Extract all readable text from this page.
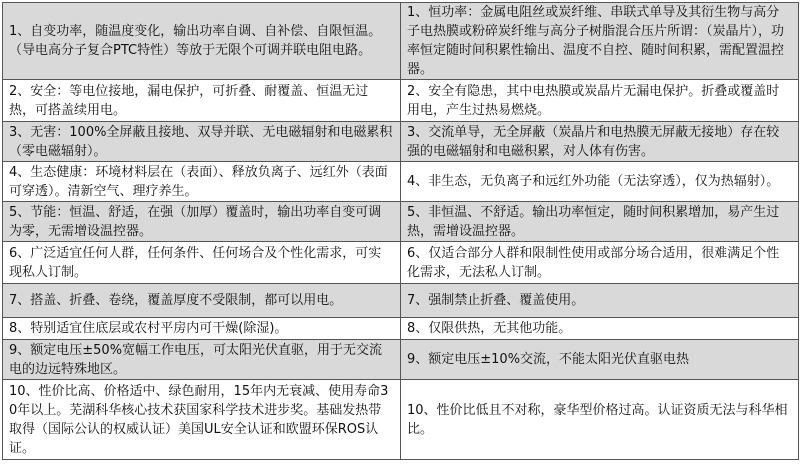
1、自变功率，随温度变化，输出功率自调、自补偿、自限恒温。（导电高分子复合PTC特性）等放于无限个可调并联电阻电路。	1、恒功率：金属电阻丝或炭纤维、串联式单导及其衍生物与高分子电热膜或粉碎炭纤维与高分子树脂混合压片所谓：（炭晶片），功率恒定随时间积累性输出、温度不自控、随时间积累，需配置温控器。
2、安全：等电位接地，漏电保护，可折叠、耐覆盖、恒温无过热，可搭盖续用电。	2、安全有隐患，其中电热膜或炭晶片无漏电保护。折叠或覆盖时用电，产生过热易燃烧。
3、无害：100%全屏蔽且接地、双导并联、无电磁辐射和电磁累积（零电磁辐射）。	3、交流单导，无全屏蔽（炭晶片和电热膜无屏蔽无接地）存在较强的电磁辐射和电磁积累，对人体有伤害。
4、生态健康：环境材料层在（表面）、释放负离子、远红外（表面可穿透）。清新空气、理疗养生。	4、非生态，无负离子和远红外功能（无法穿透），仅为热辐射）。
5、节能：恒温、舒适，在强（加厚）覆盖时，输出功率自变可调为零，无需增设温控器。	5、非恒温、不舒适。输出功率恒定，随时间积累增加，易产生过热，需增设温控器。
6、广泛适宜任何人群，任何条件、任何场合及个性化需求，可实现私人订制。	6、仅适合部分人群和限制性使用或部分场合适用，很难满足个性化需求，无法私人订制。
7、搭盖、折叠、卷绕，覆盖厚度不受限制，都可以用电。	7、强制禁止折叠、覆盖使用。
8、特别适宜住底层或农村平房内可干燥(除湿)。	8、仅限供热，无其他功能。
9、额定电压±50%宽幅工作电压，可太阳光伏直驱，用于无交流电的边远特殊地区。	9、额定电压±10%交流，不能太阳光伏直驱电热
10、性价比高、价格适中、绿色耐用，15年内无衰减、使用寿命30年以上。芜湖科华核心技术获国家科学技术进步奖。基础发热带取得（国际公认的权威认证）美国UL安全认证和欧盟环保ROS认证。	10、性价比低且不对称，豪华型价格过高。认证资质无法与科华相比。
